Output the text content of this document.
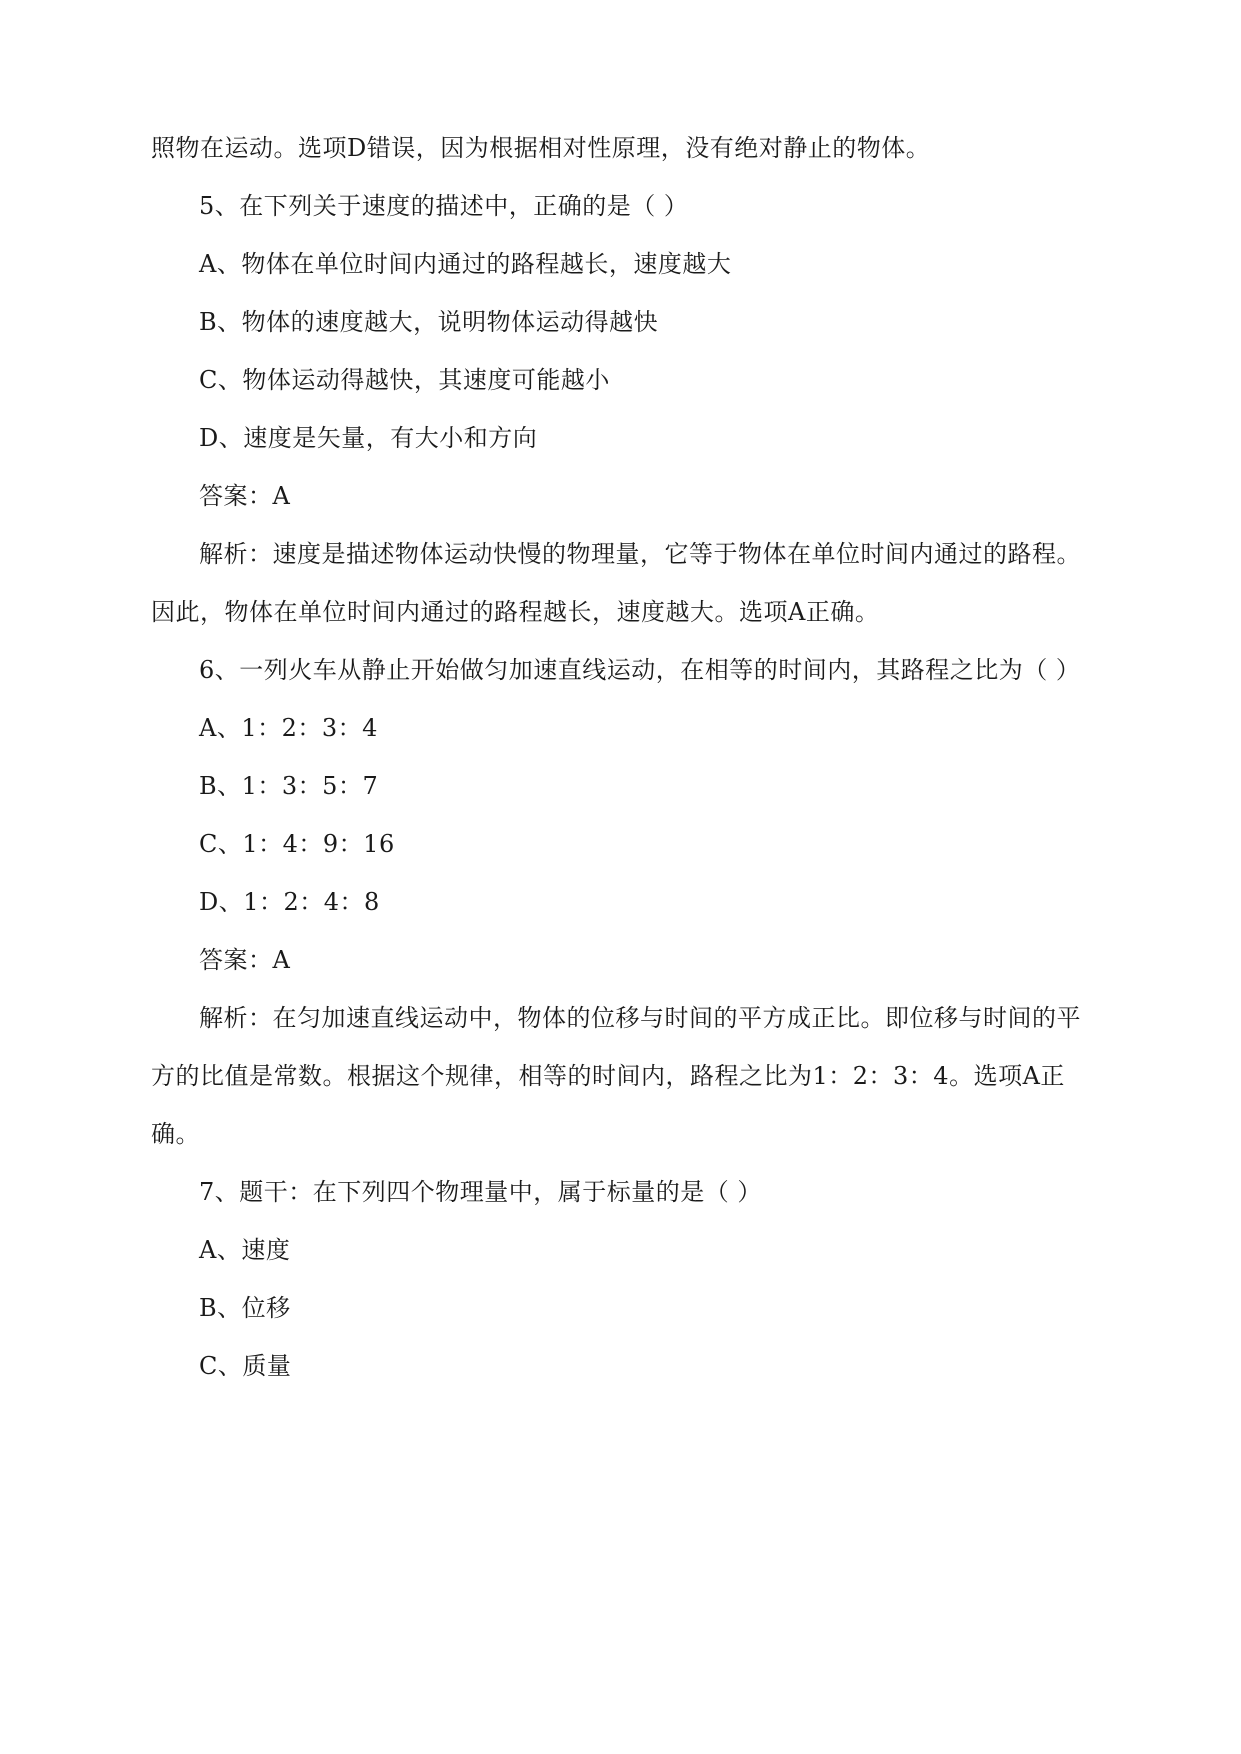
照物在运动。选项D错误，因为根据相对性原理，没有绝对静止的物体。
5、在下列关于速度的描述中，正确的是（ ）
A、物体在单位时间内通过的路程越长，速度越大
B、物体的速度越大，说明物体运动得越快
C、物体运动得越快，其速度可能越小
D、速度是矢量，有大小和方向
答案：A
解析：速度是描述物体运动快慢的物理量，它等于物体在单位时间内通过的路程。
因此，物体在单位时间内通过的路程越长，速度越大。选项A正确。
6、一列火车从静止开始做匀加速直线运动，在相等的时间内，其路程之比为（ ）
A、1：2：3：4
B、1：3：5：7
C、1：4：9：16
D、1：2：4：8
答案：A
解析：在匀加速直线运动中，物体的位移与时间的平方成正比。即位移与时间的平
方的比值是常数。根据这个规律，相等的时间内，路程之比为1：2：3：4。选项A正
确。
7、题干：在下列四个物理量中，属于标量的是（ ）
A、速度
B、位移
C、质量
